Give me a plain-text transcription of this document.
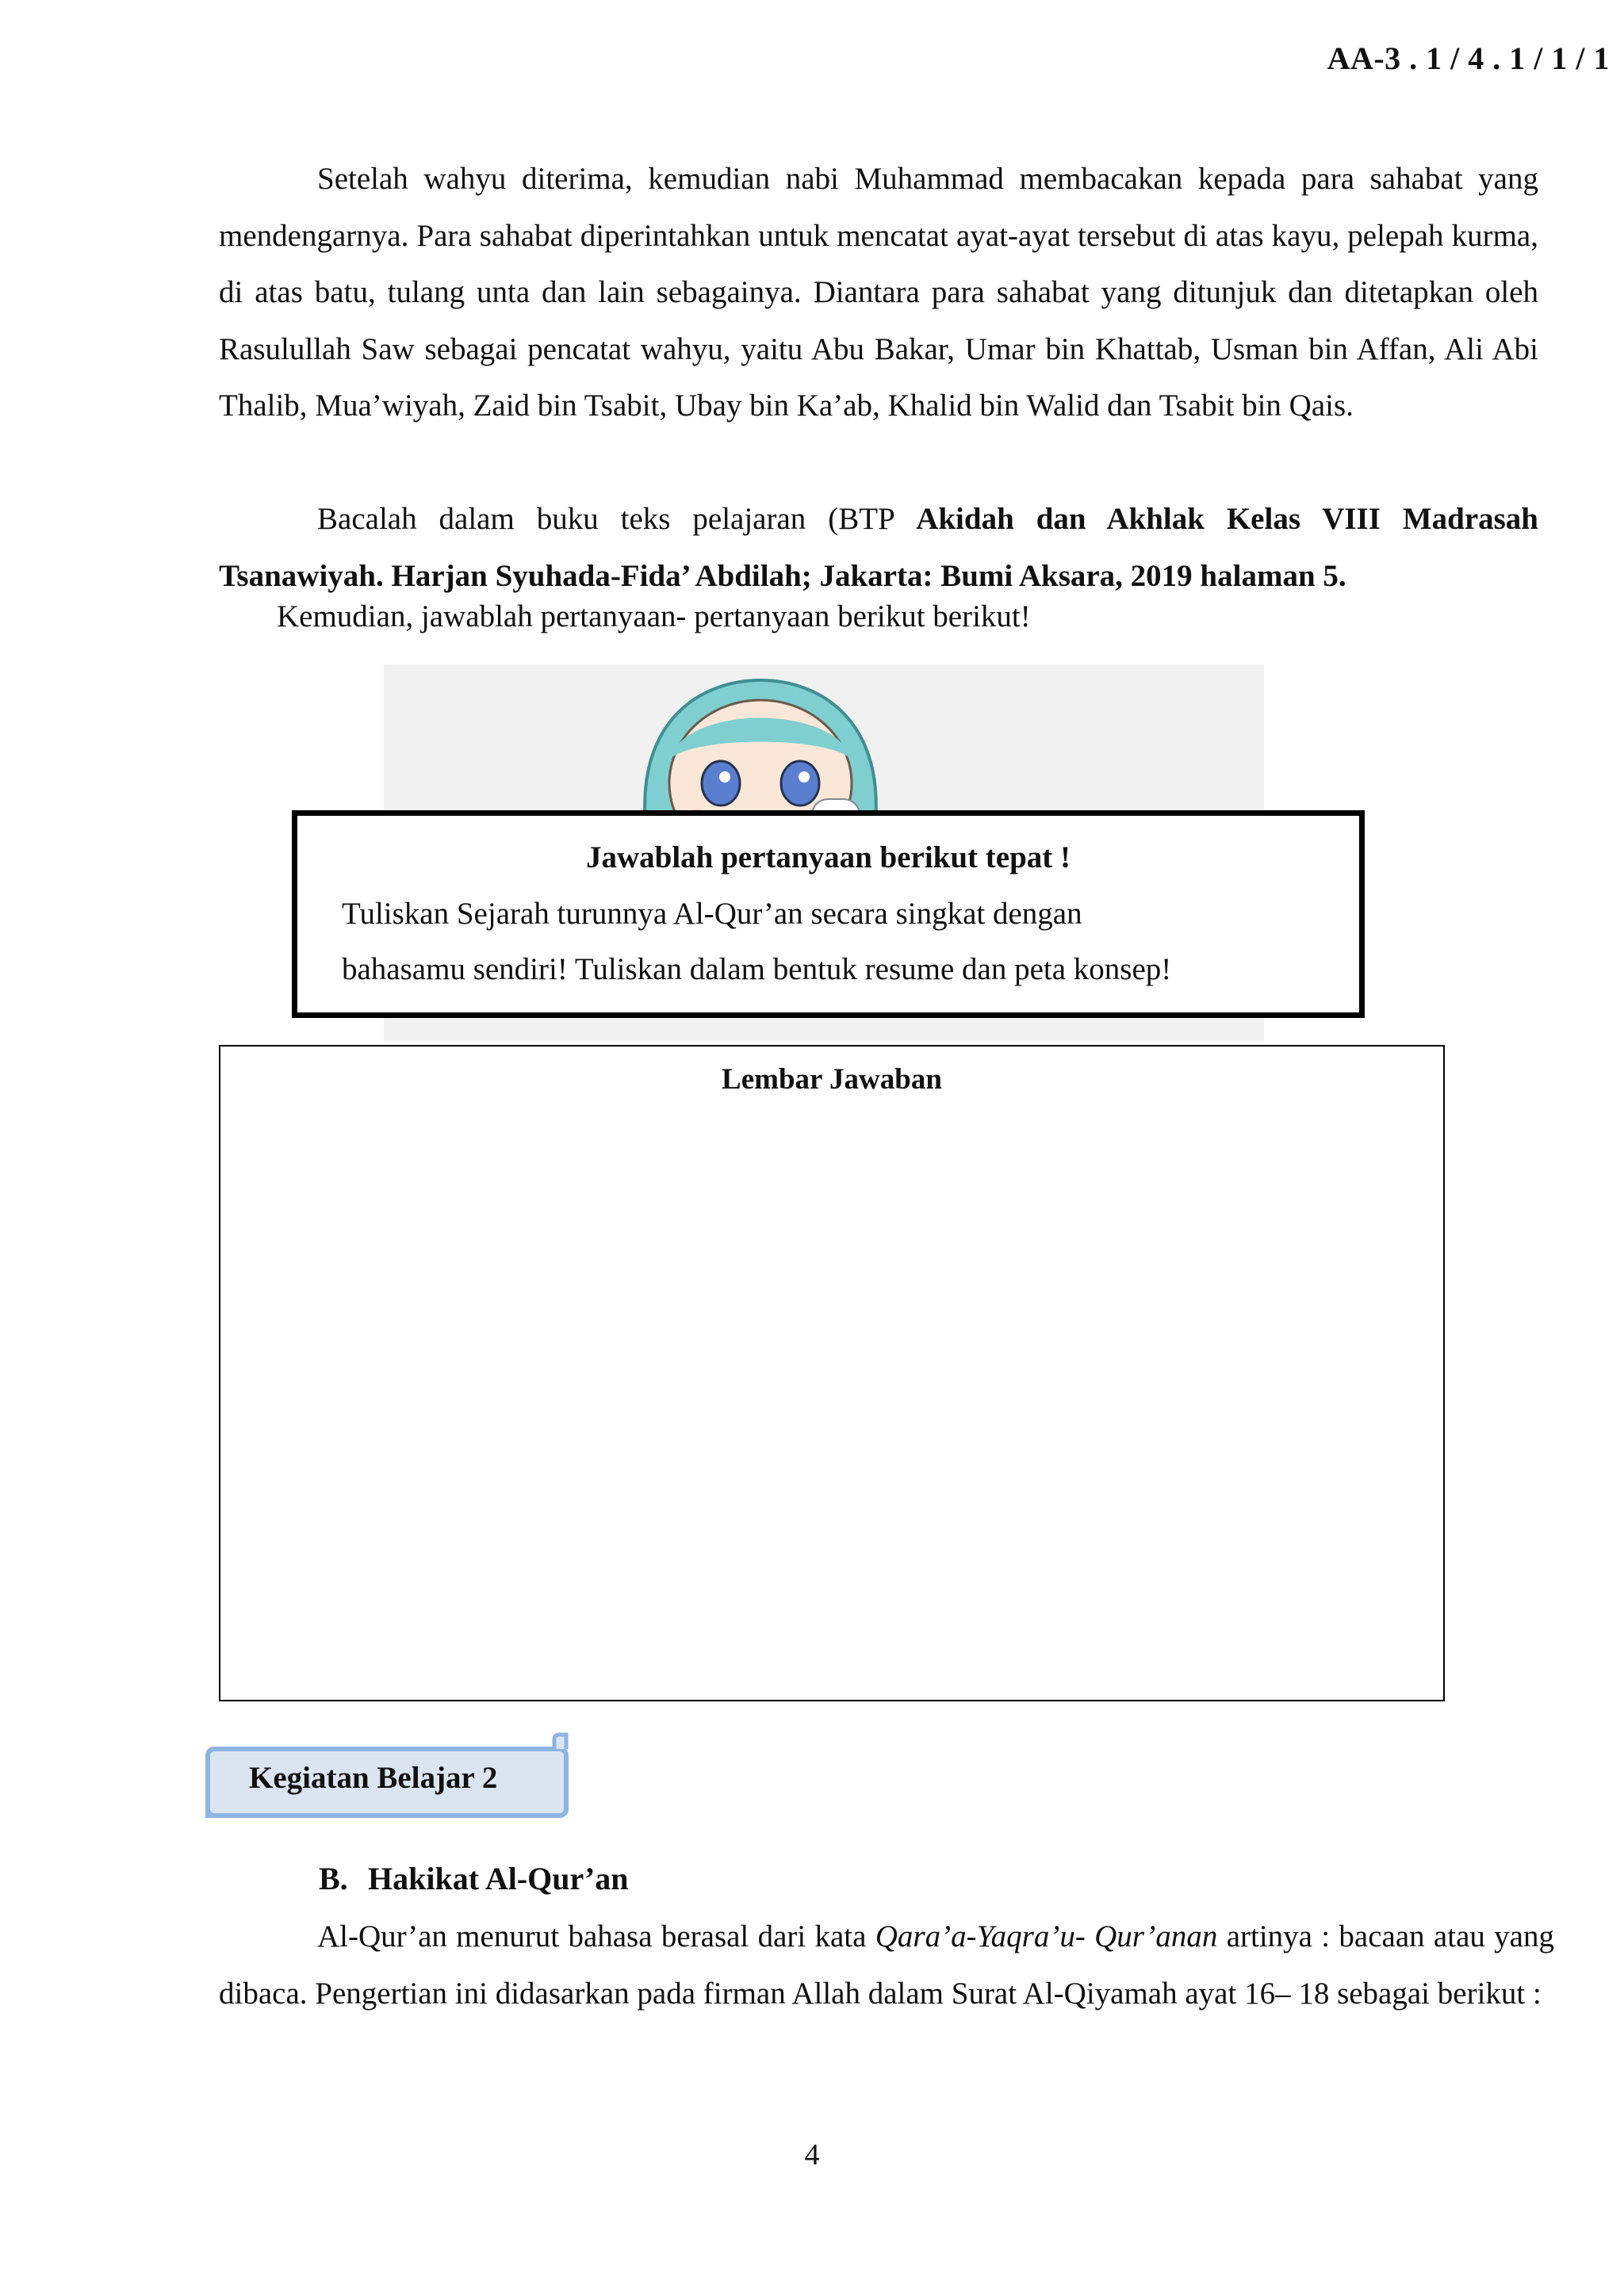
AA-3 . 1 / 4 . 1 / 1 / 1

Setelah wahyu diterima, kemudian nabi Muhammad membacakan kepada para sahabat yang mendengarnya. Para sahabat diperintahkan untuk mencatat ayat-ayat tersebut di atas kayu, pelepah kurma, di atas batu, tulang unta dan lain sebagainya. Diantara para sahabat yang ditunjuk dan ditetapkan oleh Rasulullah Saw sebagai pencatat wahyu, yaitu Abu Bakar, Umar bin Khattab, Usman bin Affan, Ali Abi Thalib, Mua’wiyah, Zaid bin Tsabit, Ubay bin Ka’ab, Khalid bin Walid dan Tsabit bin Qais.

Bacalah dalam buku teks pelajaran (BTP Akidah dan Akhlak Kelas VIII Madrasah Tsanawiyah. Harjan Syuhada-Fida’ Abdilah; Jakarta: Bumi Aksara, 2019 halaman 5.

Kemudian, jawablah pertanyaan- pertanyaan berikut berikut!
Jawablah pertanyaan berikut tepat !
Tuliskan Sejarah turunnya Al-Qur’an secara singkat dengan
bahasamu sendiri! Tuliskan dalam bentuk resume dan peta konsep!
Lembar Jawaban
Kegiatan Belajar 2
B. Hakikat Al-Qur’an

Al-Qur’an menurut bahasa berasal dari kata Qara’a-Yaqra’u- Qur’anan artinya : bacaan atau yang dibaca. Pengertian ini didasarkan pada firman Allah dalam Surat Al-Qiyamah ayat 16– 18 sebagai berikut :

4
